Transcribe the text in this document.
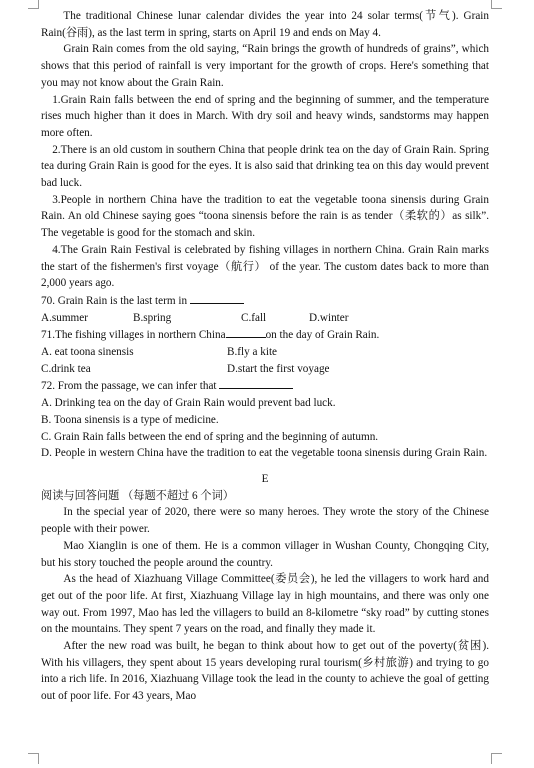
The traditional Chinese lunar calendar divides the year into 24 solar terms(节气). Grain Rain(谷雨), as the last term in spring, starts on April 19 and ends on May 4.

Grain Rain comes from the old saying, “Rain brings the growth of hundreds of grains”, which shows that this period of rainfall is very important for the growth of crops. Here's something that you may not know about the Grain Rain.

1.Grain Rain falls between the end of spring and the beginning of summer, and the temperature rises much higher than it does in March. With dry soil and heavy winds, sandstorms may happen more often.

2.There is an old custom in southern China that people drink tea on the day of Grain Rain. Spring tea during Grain Rain is good for the eyes. It is also said that drinking tea on this day would prevent bad luck.

3.People in northern China have the tradition to eat the vegetable toona sinensis during Grain Rain. An old Chinese saying goes “toona sinensis before the rain is as tender（柔软的）as silk”. The vegetable is good for the stomach and skin.

4.The Grain Rain Festival is celebrated by fishing villages in northern China. Grain Rain marks the start of the fishermen's first voyage（航行） of the year. The custom dates back to more than 2,000 years ago.

70. Grain Rain is the last term in
A.summer	B.spring	C.fall	D.winter
71.The fishing villages in northern China	on the day of Grain Rain.
A. eat toona sinensis	B.fly a kite
C.drink tea	D.start the first voyage
72. From the passage, we can infer that

A. Drinking tea on the day of Grain Rain would prevent bad luck.

B. Toona sinensis is a type of medicine.

C. Grain Rain falls between the end of spring and the beginning of autumn.

D. People in western China have the tradition to eat the vegetable toona sinensis during Grain Rain.

E
阅读与回答问题 （每题不超过 6 个词）

In the special year of 2020, there were so many heroes. They wrote the story of the Chinese people with their power.

Mao Xianglin is one of them. He is a common villager in Wushan County, Chongqing City, but his story touched the people around the country.

As the head of Xiazhuang Village Committee(委员会), he led the villagers to work hard and get out of the poor life. At first, Xiazhuang Village lay in high mountains, and there was only one way out. From 1997, Mao has led the villagers to build an 8-kilometre “sky road” by cutting stones on the mountains. They spent 7 years on the road, and finally they made it.

After the new road was built, he began to think about how to get out of the poverty(贫困). With his villagers, they spent about 15 years developing rural tourism(乡村旅游) and trying to go into a rich life. In 2016, Xiazhuang Village took the lead in the county to achieve the goal of getting out of poor life. For 43 years, Mao
